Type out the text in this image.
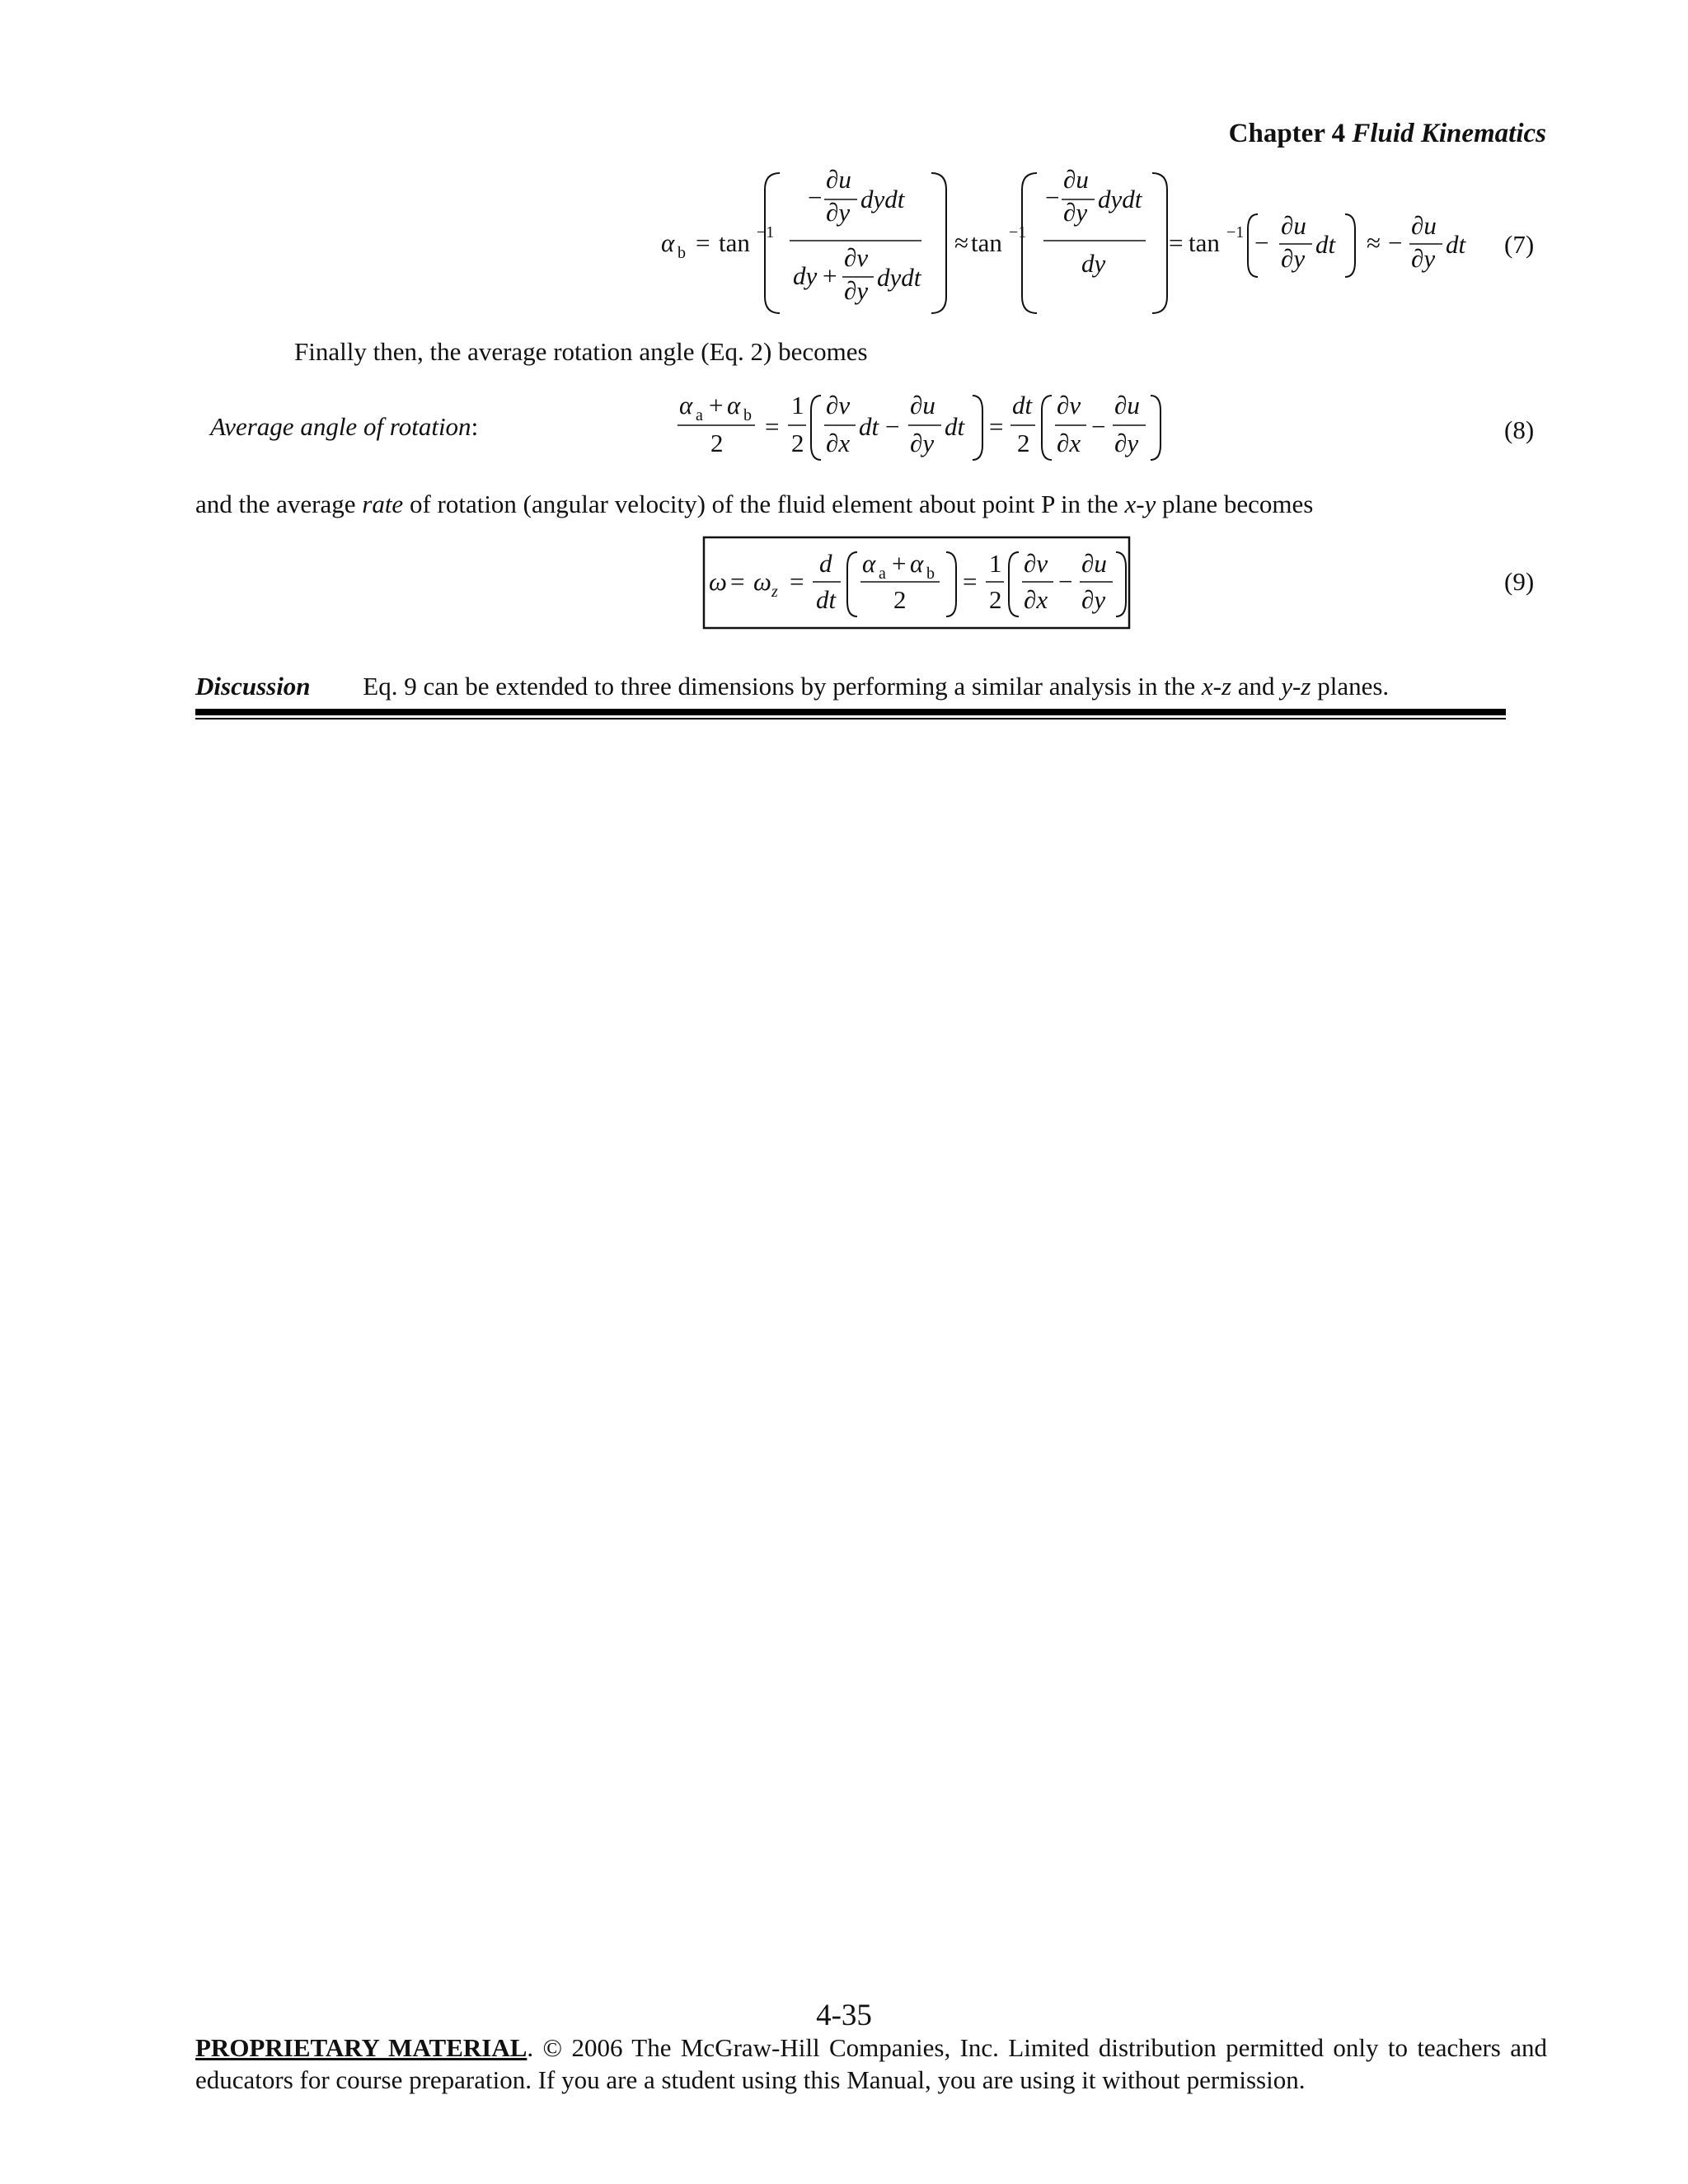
Chapter 4 Fluid Kinematics
α b = tan −1
−
∂u
∂y dydt
dy +
∂v
∂y dydt
≈ tan −1
−
∂u
∂y dydt
dy
= tan −1 −
∂u
∂y dt ≈ −
∂u
∂y dt (7)
Finally then, the average rotation angle (Eq. 2) becomes
Average angle of rotation:
α a + α b
2
=
1
2
∂v
∂x
dt −
∂u
∂y
dt =
dt
2
∂v
∂x
−
∂u
∂y	(8)
and the average rate of rotation (angular velocity) of the fluid element about point P in the x-y plane becomes
ω = ω z =
d
dt
α a + α b
2
=
1
2
∂v
∂x
−
∂u
∂y
(9)
Discussion Eq. 9 can be extended to three dimensions by performing a similar analysis in the x-z and y-z planes.
4-35
PROPRIETARY MATERIAL. © 2006 The McGraw-Hill Companies, Inc. Limited distribution permitted only to teachers and educators for course preparation. If you are a student using this Manual, you are using it without permission.
